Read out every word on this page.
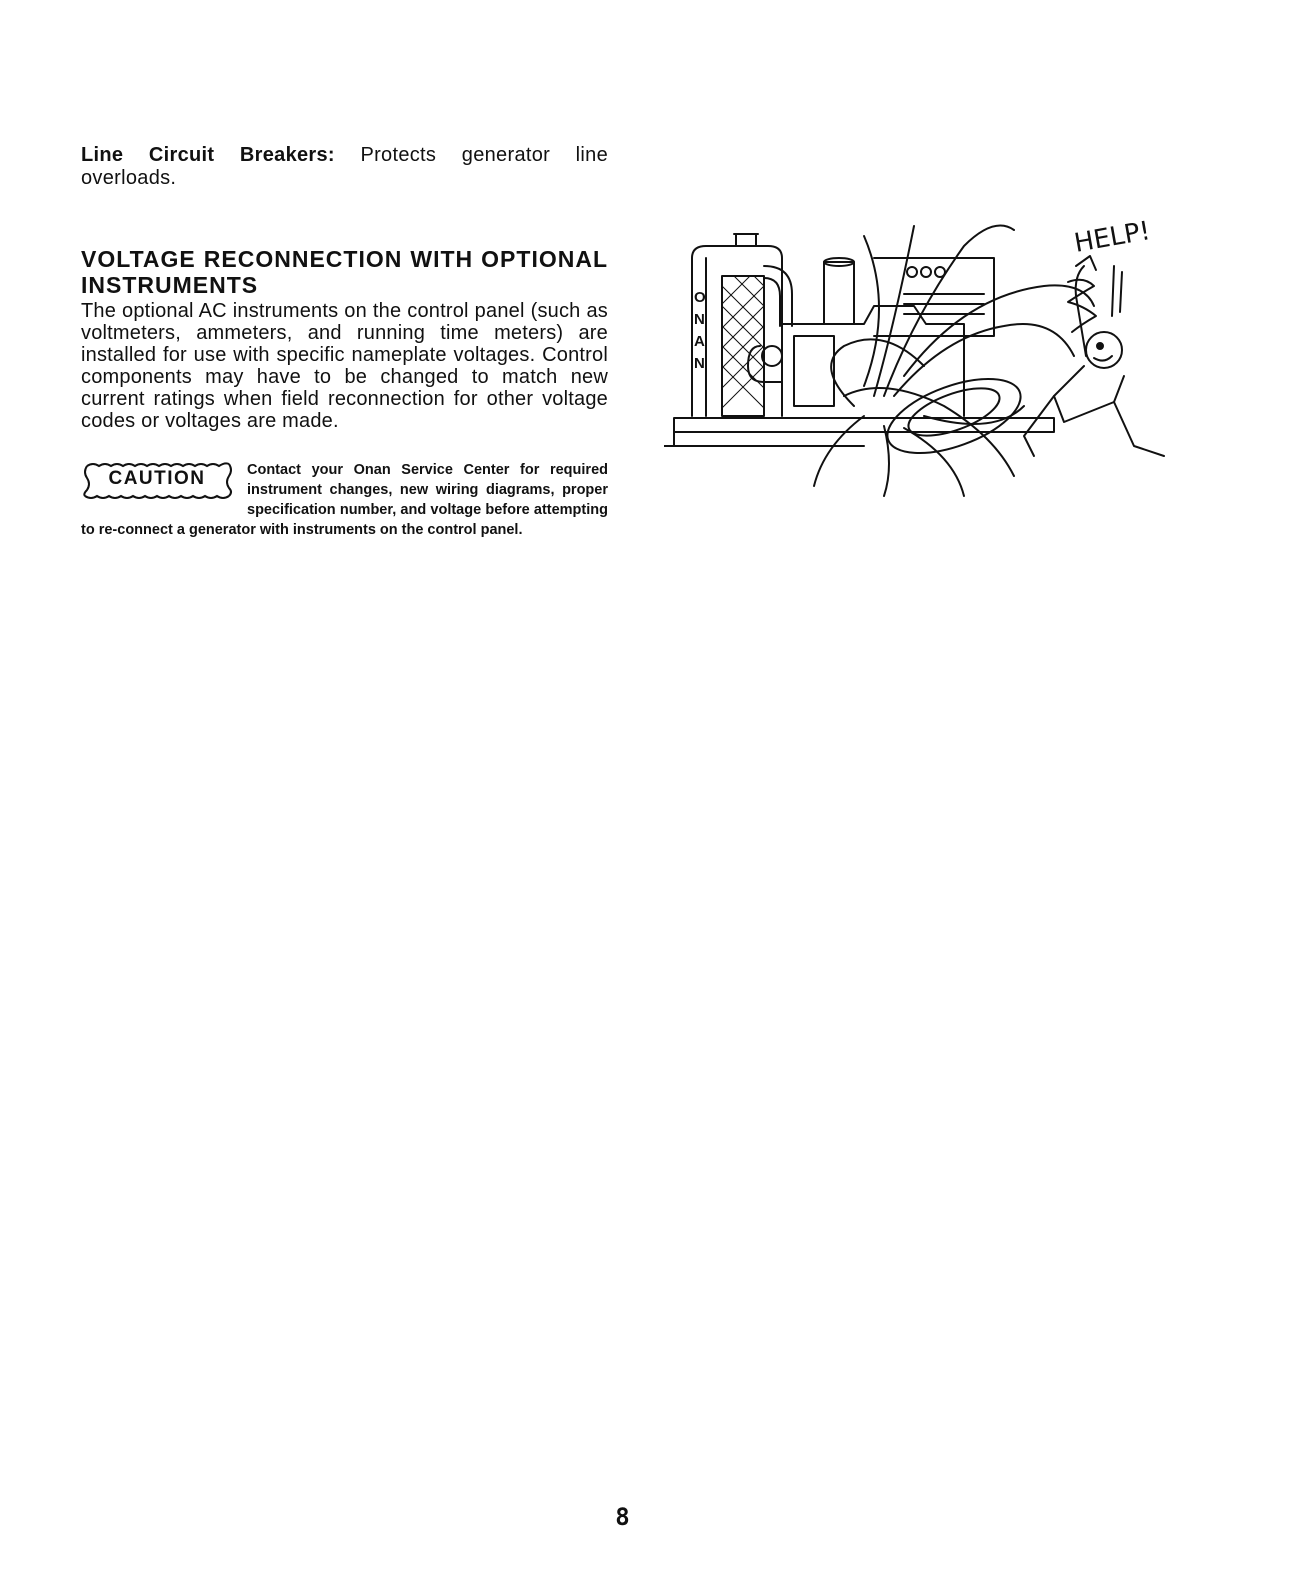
Line Circuit Breakers: Protects generator line overloads.

VOLTAGE RECONNECTION WITH OPTIONAL INSTRUMENTS

The optional AC instruments on the control panel (such as voltmeters, ammeters, and running time meters) are installed for use with specific nameplate voltages. Control components may have to be changed to match new current ratings when field reconnection for other voltage codes or voltages are made.

CAUTION	Contact your Onan Service Center for required instrument changes, new wiring diagrams, proper specification number, and voltage before attempting to re-connect a generator with instruments on the control panel.
O
N
A
N
HELP!
8
